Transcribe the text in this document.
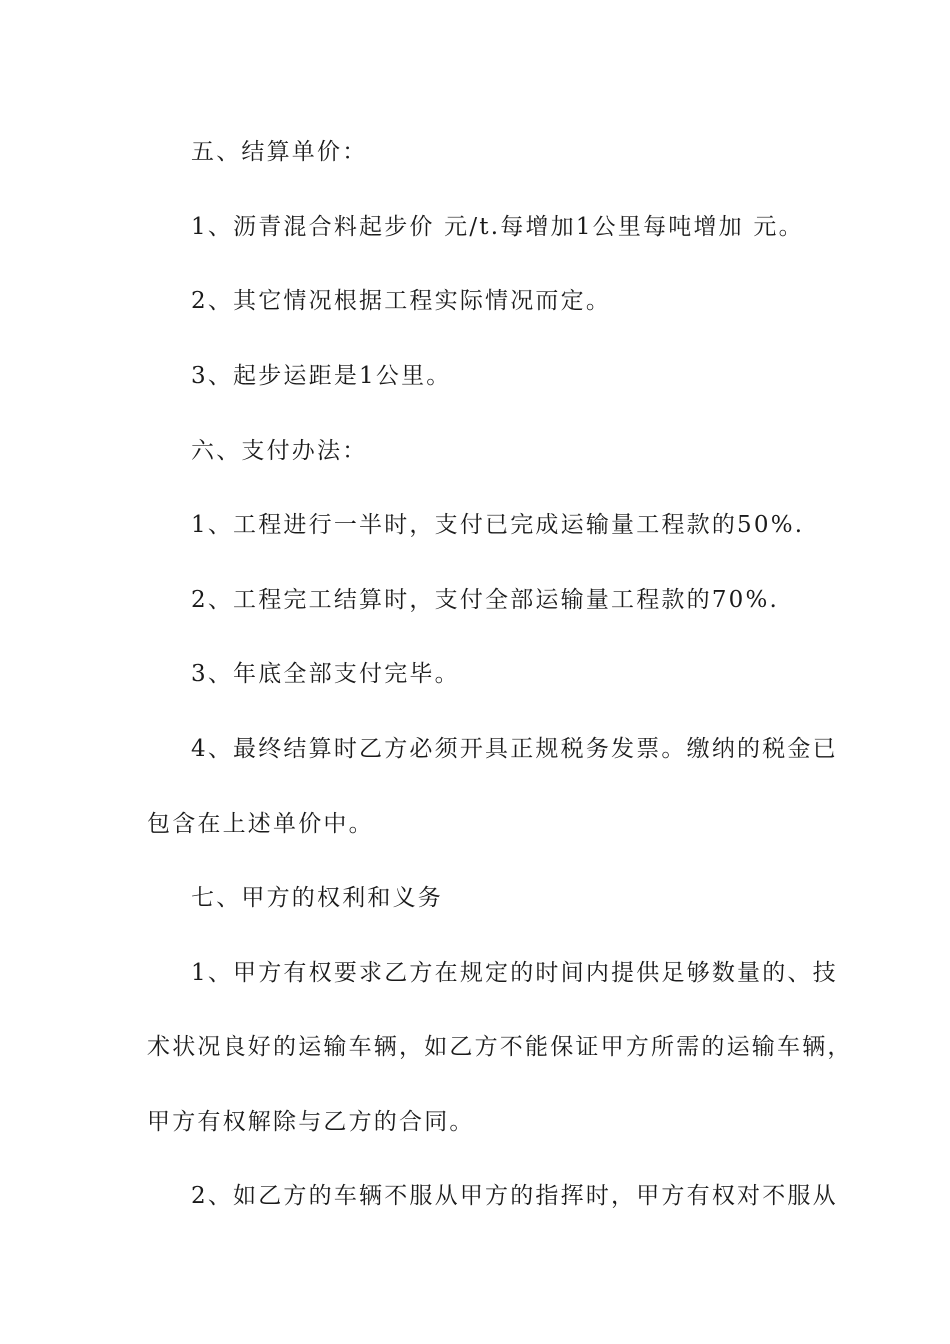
五、结算单价：
1、沥青混合料起步价 元/t.每增加1公里每吨增加 元。
2、其它情况根据工程实际情况而定。
3、起步运距是1公里。
六、支付办法：
1、工程进行一半时，支付已完成运输量工程款的50%.
2、工程完工结算时，支付全部运输量工程款的70%.
3、年底全部支付完毕。
4、最终结算时乙方必须开具正规税务发票。缴纳的税金已
包含在上述单价中。
七、甲方的权利和义务
1、甲方有权要求乙方在规定的时间内提供足够数量的、技
术状况良好的运输车辆，如乙方不能保证甲方所需的运输车辆，
甲方有权解除与乙方的合同。
2、如乙方的车辆不服从甲方的指挥时，甲方有权对不服从
